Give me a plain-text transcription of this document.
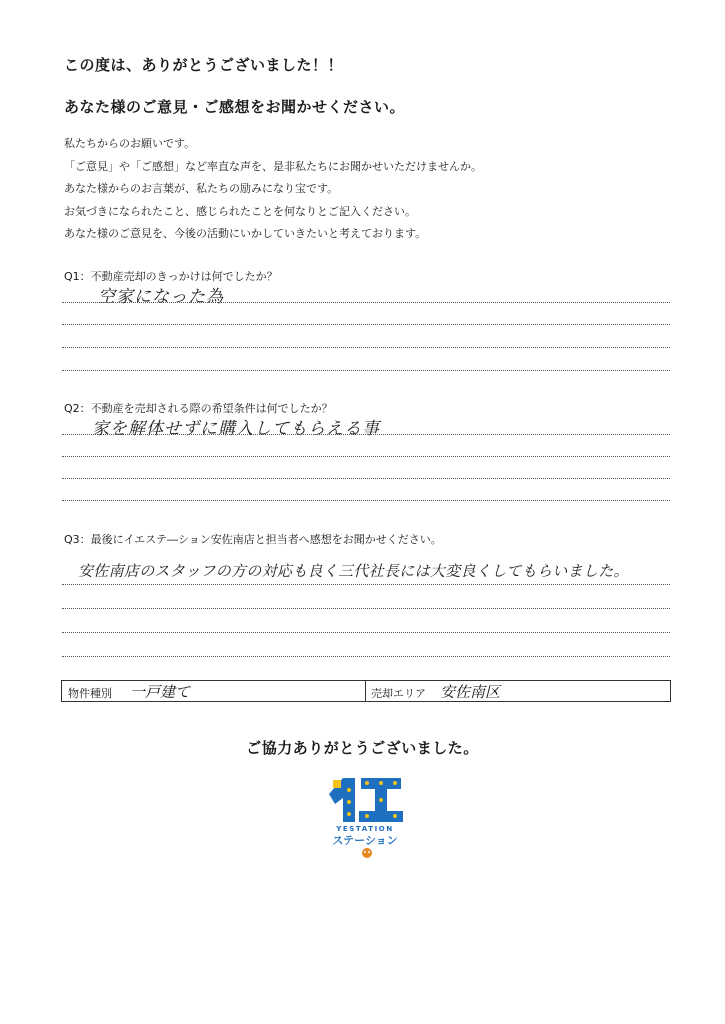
この度は、ありがとうございました！！
あなた様のご意見・ご感想をお聞かせください。
私たちからのお願いです。
「ご意見」や「ご感想」など率直な声を、是非私たちにお聞かせいただけませんか。
あなた様からのお言葉が、私たちの励みになり宝です。
お気づきになられたこと、感じられたことを何なりとご記入ください。
あなた様のご意見を、今後の活動にいかしていきたいと考えております。
Q1：不動産売却のきっかけは何でしたか？
空家になった為
Q2：不動産を売却される際の希望条件は何でしたか？
家を解体せずに購入してもらえる事
Q3：最後にイエステ―ション安佐南店と担当者へ感想をお聞かせください。
安佐南店のスタッフの方の対応も良く三代社長には大変良くしてもらいました。
物件種別 一戸建て	売却エリア 安佐南区
ご協力ありがとうございました。
YESTATION
ステーション
